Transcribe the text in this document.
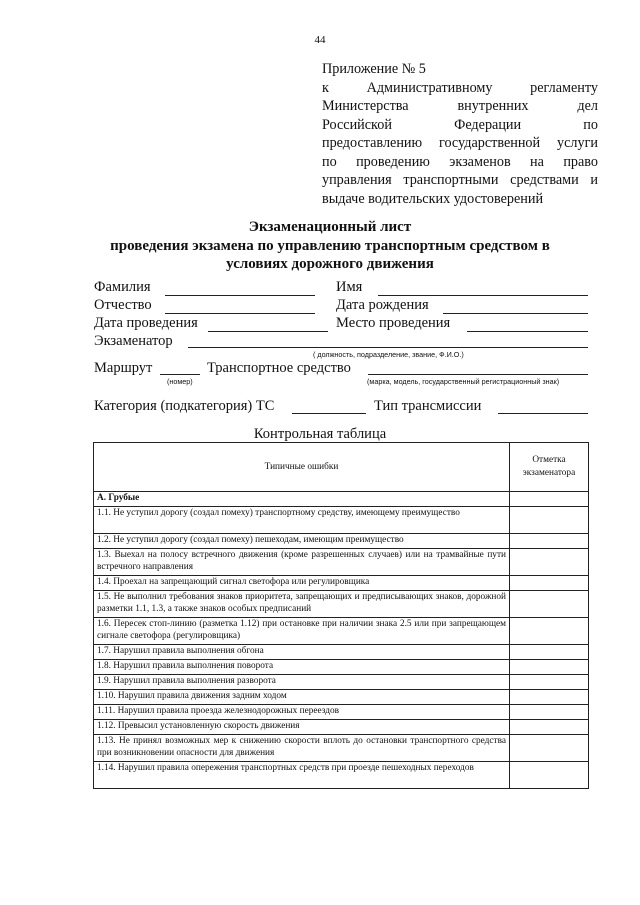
44
Приложение № 5
к Административному регламенту
Министерства внутренних дел
Российской Федерации по
предоставлению государственной услуги
по проведению экзаменов на право
управления транспортными средствами и
выдаче водительских удостоверений
Экзаменационный лист
проведения экзамена по управлению транспортным средством в
условиях дорожного движения
Фамилия	Имя
Отчество	Дата рождения
Дата проведения	Место проведения
Экзаменатор
( должность, подразделение, звание, Ф.И.О.)
Маршрут
(номер)
Транспортное средство
(марка, модель, государственный регистрационный знак)
Категория (подкатегория) ТС	Тип трансмиссии
Контрольная таблица
Типичные ошибки	Отметка
экзаменатора

А. Грубые	
1.1. Не уступил дорогу (создал помеху) транспортному средству, имеющему преимущество	
1.2. Не уступил дорогу (создал помеху) пешеходам, имеющим преимущество	
1.3. Выехал на полосу встречного движения (кроме разрешенных случаев) или на трамвайные пути встречного направления	
1.4. Проехал на запрещающий сигнал светофора или регулировщика	
1.5. Не выполнил требования знаков приоритета, запрещающих и предписывающих знаков, дорожной разметки 1.1, 1.3, а также знаков особых предписаний	
1.6. Пересек стоп-линию (разметка 1.12) при остановке при наличии знака 2.5 или при запрещающем сигнале светофора (регулировщика)	
1.7. Нарушил правила выполнения обгона	
1.8. Нарушил правила выполнения поворота	
1.9. Нарушил правила выполнения разворота	
1.10. Нарушил правила движения задним ходом	
1.11. Нарушил правила проезда железнодорожных переездов	
1.12. Превысил установленную скорость движения	
1.13. Не принял возможных мер к снижению скорости вплоть до остановки транспортного средства при возникновении опасности для движения	
1.14. Нарушил правила опережения транспортных средств при проезде пешеходных переходов	
